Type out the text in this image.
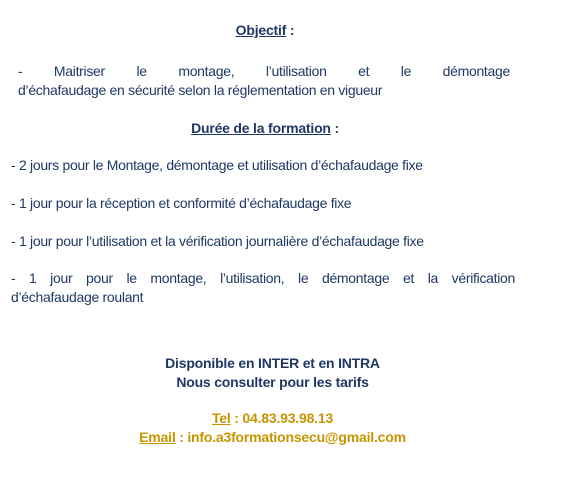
Objectif :
- Maitriser le montage, l’utilisation et le démontage
d’échafaudage en sécurité selon la réglementation en vigueur
Durée de la formation :
- 2 jours pour le Montage, démontage et utilisation d’échafaudage fixe
- 1 jour pour la réception et conformité d’échafaudage fixe
- 1 jour pour l’utilisation et la vérification journalière d’échafaudage fixe
- 1 jour pour le montage, l’utilisation, le démontage et la vérification
d’échafaudage roulant
Disponible en INTER et en INTRA
Nous consulter pour les tarifs
Tel : 04.83.93.98.13
Email : info.a3formationsecu@gmail.com
